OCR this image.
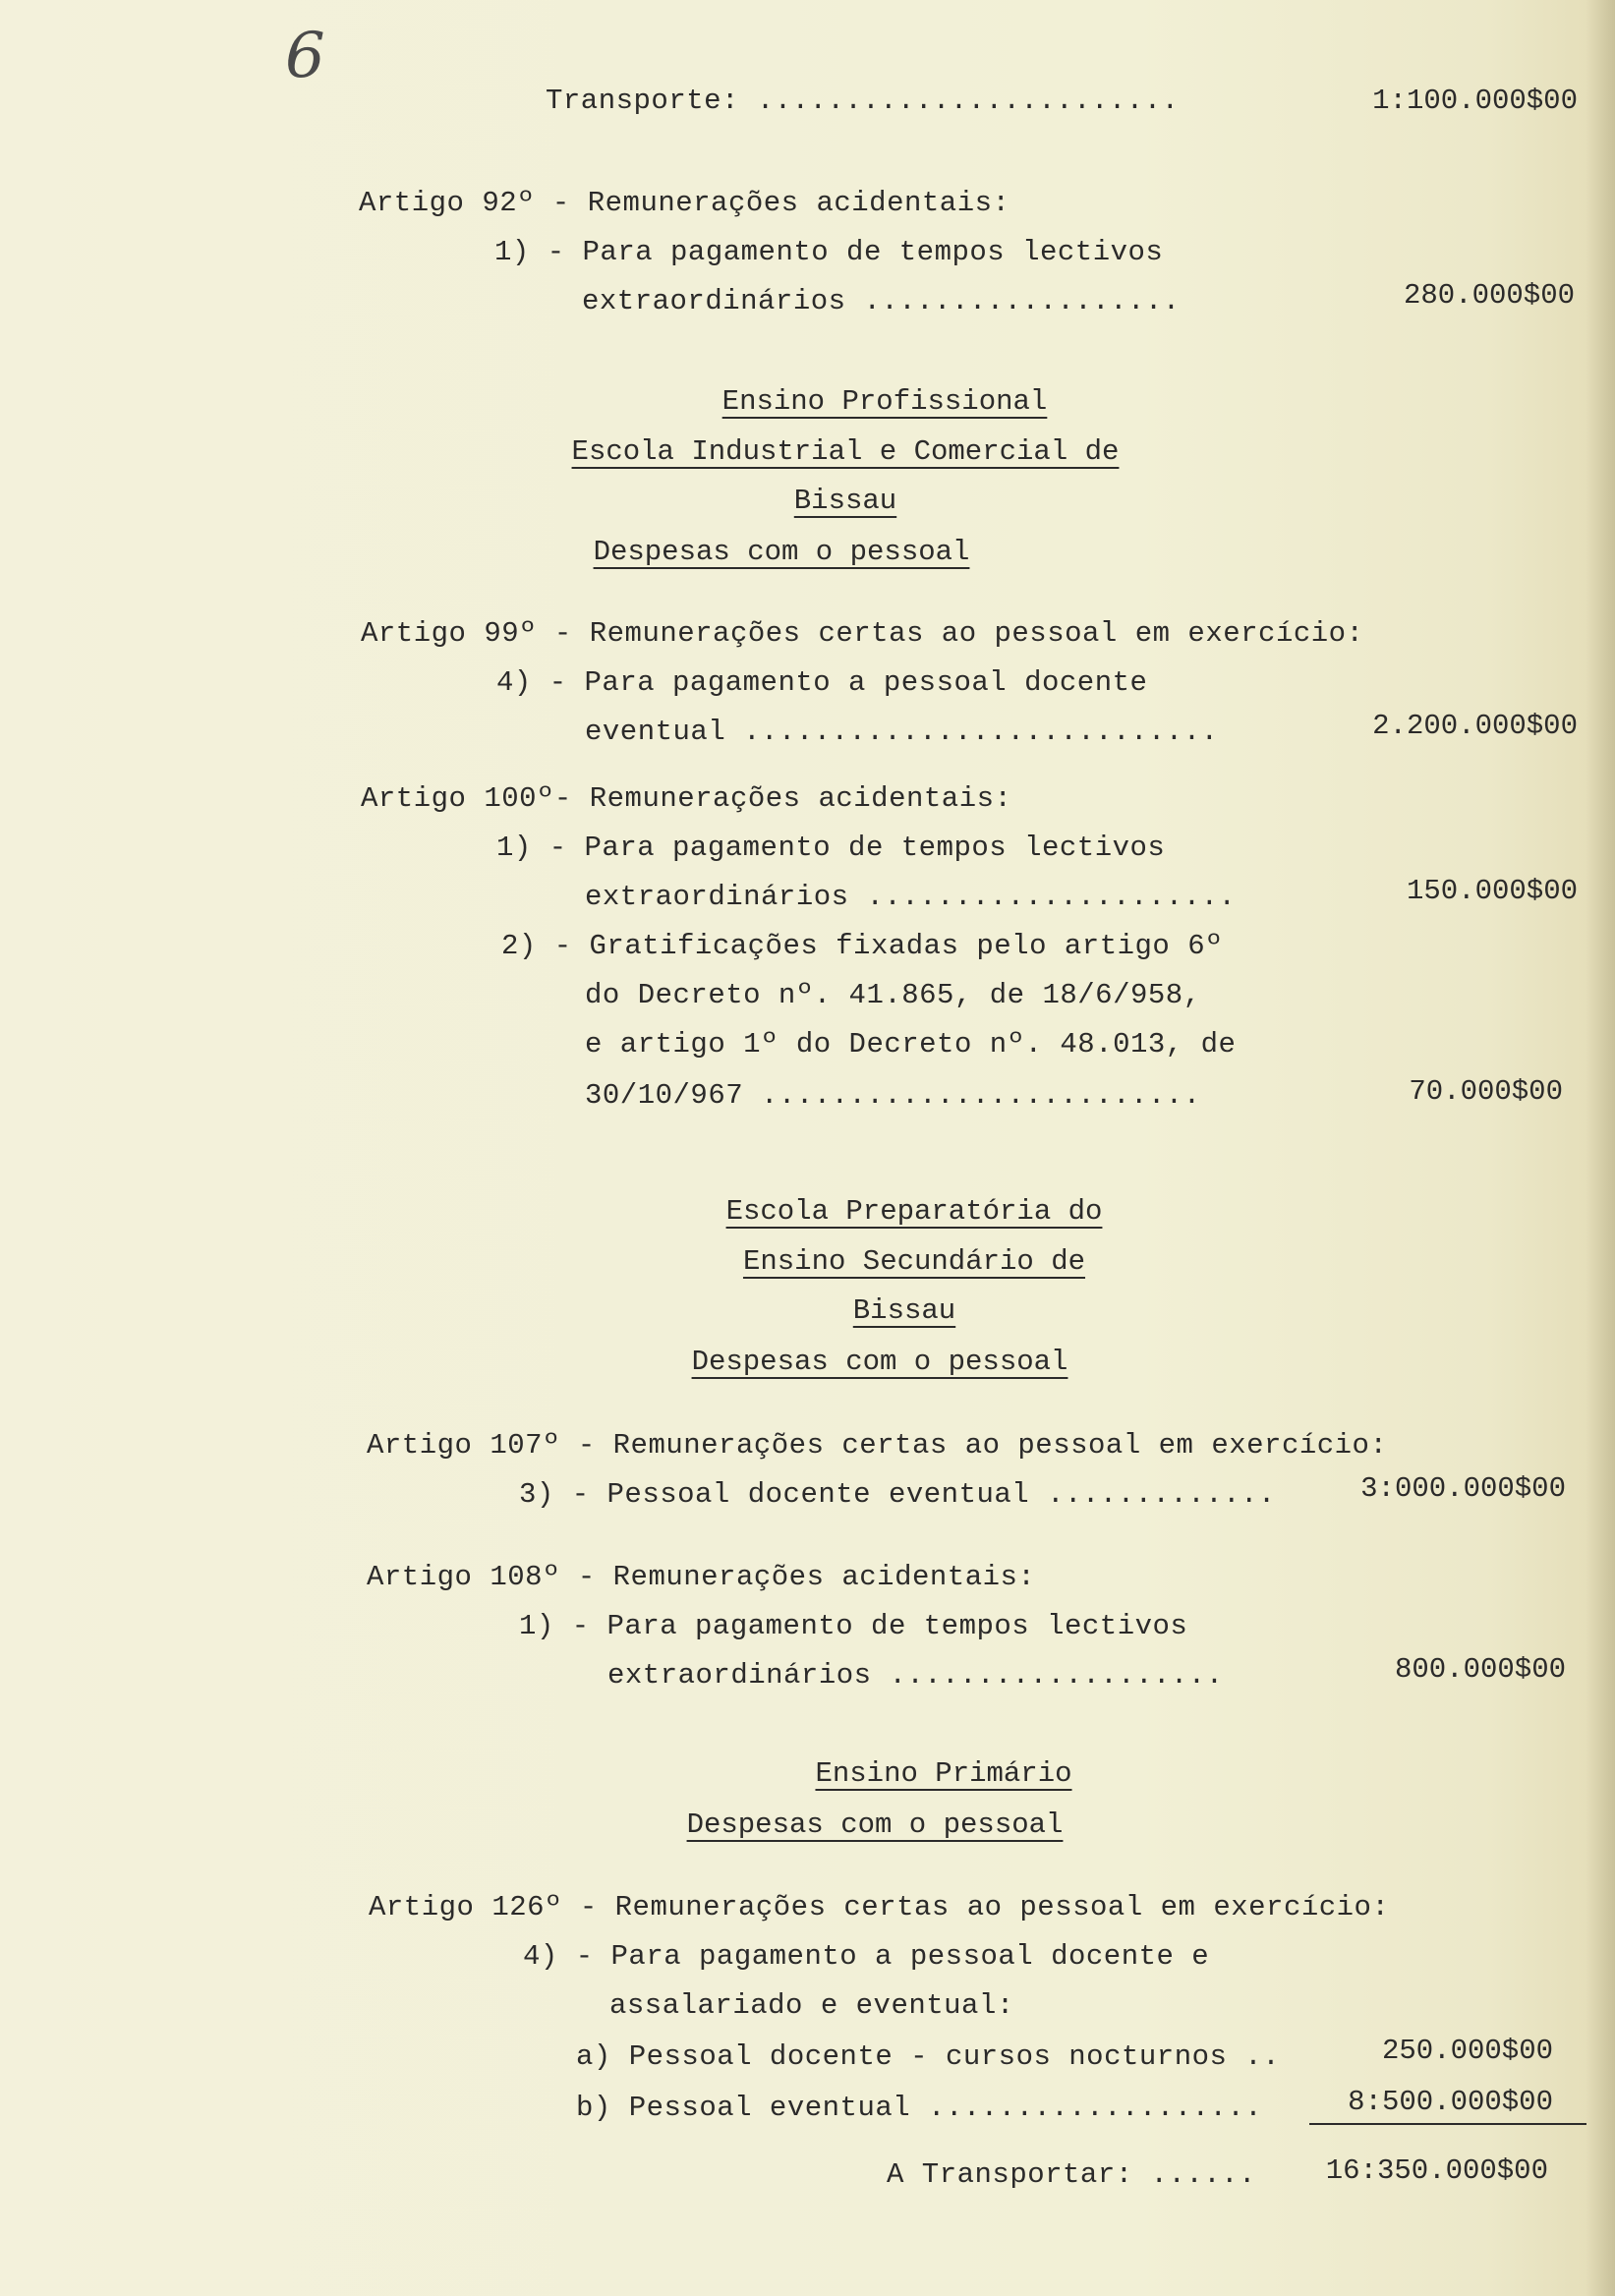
6
Transporte: ........................	1:100.000$00
Artigo 92º - Remunerações acidentais:
1) - Para pagamento de tempos lectivos
extraordinários ..................	280.000$00
Ensino Profissional
Escola Industrial e Comercial de
Bissau
Despesas com o pessoal
Artigo 99º - Remunerações certas ao pessoal em exercício:
4) - Para pagamento a pessoal docente
eventual ...........................	2.200.000$00
Artigo 100º- Remunerações acidentais:
1) - Para pagamento de tempos lectivos
extraordinários .....................	150.000$00
2) - Gratificações fixadas pelo artigo 6º
do Decreto nº. 41.865, de 18/6/958,
e artigo 1º do Decreto nº. 48.013, de
30/10/967 .........................	70.000$00
Escola Preparatória do
Ensino Secundário de
Bissau
Despesas com o pessoal
Artigo 107º - Remunerações certas ao pessoal em exercício:
3) - Pessoal docente eventual .............	3:000.000$00
Artigo 108º - Remunerações acidentais:
1) - Para pagamento de tempos lectivos
extraordinários ...................	800.000$00
Ensino Primário
Despesas com o pessoal
Artigo 126º - Remunerações certas ao pessoal em exercício:
4) - Para pagamento a pessoal docente e
assalariado e eventual:
a) Pessoal docente - cursos nocturnos ..	250.000$00
b) Pessoal eventual ...................	8:500.000$00
A Transportar: ......	16:350.000$00
